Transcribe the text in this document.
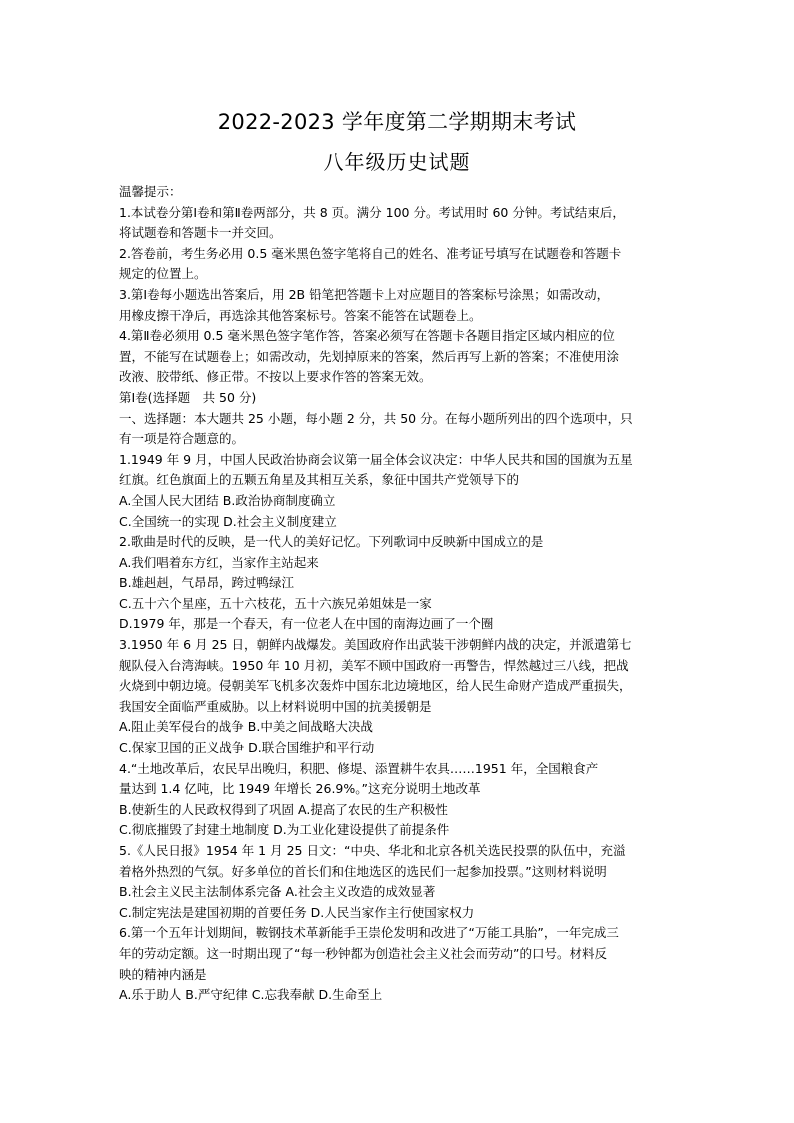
2022-2023 学年度第二学期期末考试
八年级历史试题
温馨提示：
1.本试卷分第Ⅰ卷和第Ⅱ卷两部分，共 8 页。满分 100 分。考试用时 60 分钟。考试结束后，
将试题卷和答题卡一并交回。
2.答卷前，考生务必用 0.5 毫米黑色签字笔将自己的姓名、准考证号填写在试题卷和答题卡
规定的位置上。
3.第Ⅰ卷每小题选出答案后，用 2B 铅笔把答题卡上对应题目的答案标号涂黑；如需改动，
用橡皮擦干净后，再选涂其他答案标号。答案不能答在试题卷上。
4.第Ⅱ卷必须用 0.5 毫米黑色签字笔作答，答案必须写在答题卡各题目指定区域内相应的位
置，不能写在试题卷上；如需改动，先划掉原来的答案，然后再写上新的答案；不准使用涂
改液、胶带纸、修正带。不按以上要求作答的答案无效。
第Ⅰ卷(选择题　共 50 分)
一、选择题：本大题共 25 小题，每小题 2 分，共 50 分。在每小题所列出的四个选项中，只
有一项是符合题意的。
1.1949 年 9 月，中国人民政治协商会议第一届全体会议决定：中华人民共和国的国旗为五星
红旗。红色旗面上的五颗五角星及其相互关系，象征中国共产党领导下的
A.全国人民大团结 B.政治协商制度确立
C.全国统一的实现 D.社会主义制度建立
2.歌曲是时代的反映，是一代人的美好记忆。下列歌词中反映新中国成立的是
A.我们唱着东方红，当家作主站起来
B.雄赳赳，气昂昂，跨过鸭绿江
C.五十六个星座，五十六枝花，五十六族兄弟姐妹是一家
D.1979 年，那是一个春天，有一位老人在中国的南海边画了一个圈
3.1950 年 6 月 25 日，朝鲜内战爆发。美国政府作出武装干涉朝鲜内战的决定，并派遣第七
舰队侵入台湾海峡。1950 年 10 月初，美军不顾中国政府一再警告，悍然越过三八线，把战
火烧到中朝边境。侵朝美军飞机多次轰炸中国东北边境地区，给人民生命财产造成严重损失，
我国安全面临严重威胁。以上材料说明中国的抗美援朝是
A.阻止美军侵台的战争 B.中美之间战略大决战
C.保家卫国的正义战争 D.联合国维护和平行动
4.“土地改革后，农民早出晚归，积肥、修堤、添置耕牛农具……1951 年，全国粮食产
量达到 1.4 亿吨，比 1949 年增长 26.9%。”这充分说明土地改革
B.使新生的人民政权得到了巩固 A.提高了农民的生产积极性
C.彻底摧毁了封建土地制度 D.为工业化建设提供了前提条件
5.《人民日报》1954 年 1 月 25 日文：“中央、华北和北京各机关选民投票的队伍中，充溢
着格外热烈的气氛。好多单位的首长们和住地选区的选民们一起参加投票。”这则材料说明
B.社会主义民主法制体系完备 A.社会主义改造的成效显著
C.制定宪法是建国初期的首要任务 D.人民当家作主行使国家权力
6.第一个五年计划期间，鞍钢技术革新能手王崇伦发明和改进了“万能工具胎”，一年完成三
年的劳动定额。这一时期出现了“每一秒钟都为创造社会主义社会而劳动”的口号。材料反
映的精神内涵是
A.乐于助人 B.严守纪律 C.忘我奉献 D.生命至上
